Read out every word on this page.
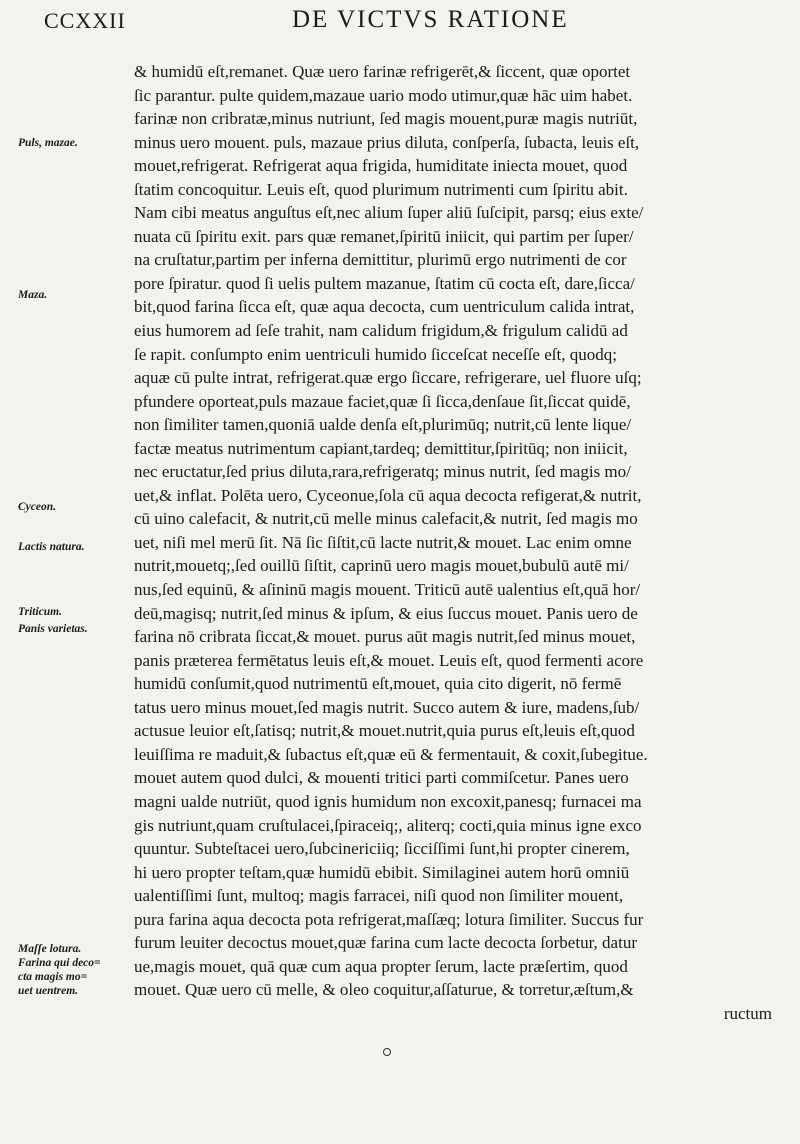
CCXXII	DE VICTVS RATIONE
Puls, mazae.
Maza.
Cyceon.
Lactis natura.
Triticum.
Panis varietas.
Maſſe lotura.
Farina qui deco=
cta magis mo=
uet uentrem.
& humidū eſt,remanet. Quæ uero farinæ refrigerēt,& ſiccent, quæ oportet
ſic parantur. pulte quidem,mazaue uario modo utimur,quæ hāc uim habet.
farinæ non cribratæ,minus nutriunt, ſed magis mouent,puræ magis nutriūt,
minus uero mouent. puls, mazaue prius diluta, conſperſa, ſubacta, leuis eſt,
mouet,refrigerat. Refrigerat aqua frigida, humiditate iniecta mouet, quod
ſtatim concoquitur. Leuis eſt, quod plurimum nutrimenti cum ſpiritu abit.
Nam cibi meatus anguſtus eſt,nec alium ſuper aliū ſuſcipit, parsq; eius exte/
nuata cū ſpiritu exit. pars quæ remanet,ſpiritū iniicit, qui partim per ſuper/
na cruſtatur,partim per inferna demittitur, plurimū ergo nutrimenti de cor
pore ſpiratur. quod ſi uelis pultem mazanue, ſtatim cū cocta eſt, dare,ſicca/
bit,quod farina ſicca eſt, quæ aqua decocta, cum uentriculum calida intrat,
eius humorem ad ſeſe trahit, nam calidum frigidum,& frigulum calidū ad
ſe rapit. conſumpto enim uentriculi humido ſicceſcat neceſſe eſt, quodq;
aquæ cū pulte intrat, refrigerat.quæ ergo ſiccare, refrigerare, uel fluore uſq;
pfundere oporteat,puls mazaue faciet,quæ ſi ſicca,denſaue ſit,ſiccat quidē,
non ſimiliter tamen,quoniā ualde denſa eſt,plurimūq; nutrit,cū lente lique/
factæ meatus nutrimentum capiant,tardeq; demittitur,ſpiritūq; non iniicit,
nec eructatur,ſed prius diluta,rara,refrigeratq; minus nutrit, ſed magis mo/
uet,& inflat. Polēta uero, Cyceonue,ſola cū aqua decocta refigerat,& nutrit,
cū uino calefacit, & nutrit,cū melle minus calefacit,& nutrit, ſed magis mo
uet, niſi mel merū ſit. Nā ſic ſiſtit,cū lacte nutrit,& mouet. Lac enim omne
nutrit,mouetq;,ſed ouillū ſiſtit, caprinū uero magis mouet,bubulū autē mi/
nus,ſed equinū, & aſininū magis mouent. Triticū autē ualentius eſt,quā hor/
deū,magisq; nutrit,ſed minus & ipſum, & eius ſuccus mouet. Panis uero de
farina nō cribrata ſiccat,& mouet. purus aūt magis nutrit,ſed minus mouet,
panis præterea fermētatus leuis eſt,& mouet. Leuis eſt, quod fermenti acore
humidū conſumit,quod nutrimentū eſt,mouet, quia cito digerit, nō fermē
tatus uero minus mouet,ſed magis nutrit. Succo autem & iure, madens,ſub/
actusue leuior eſt,ſatisq; nutrit,& mouet.nutrit,quia purus eſt,leuis eſt,quod
leuiſſima re maduit,& ſubactus eſt,quæ eū & fermentauit, & coxit,ſubegitue.
mouet autem quod dulci, & mouenti tritici parti commiſcetur. Panes uero
magni ualde nutriūt, quod ignis humidum non excoxit,panesq; furnacei ma
gis nutriunt,quam cruſtulacei,ſpiraceiq;, aliterq; cocti,quia minus igne exco
quuntur. Subteſtacei uero,ſubcinericiiq; ſicciſſimi ſunt,hi propter cinerem,
hi uero propter teſtam,quæ humidū ebibit. Similaginei autem horū omniū
ualentiſſimi ſunt, multoq; magis farracei, niſi quod non ſimiliter mouent,
pura farina aqua decocta pota refrigerat,maſſæq; lotura ſimiliter. Succus fur
furum leuiter decoctus mouet,quæ farina cum lacte decocta ſorbetur, datur
ue,magis mouet, quā quæ cum aqua propter ſerum, lacte præſertim, quod
mouet. Quæ uero cū melle, & oleo coquitur,aſſaturue, & torretur,æſtum,&
ructum
